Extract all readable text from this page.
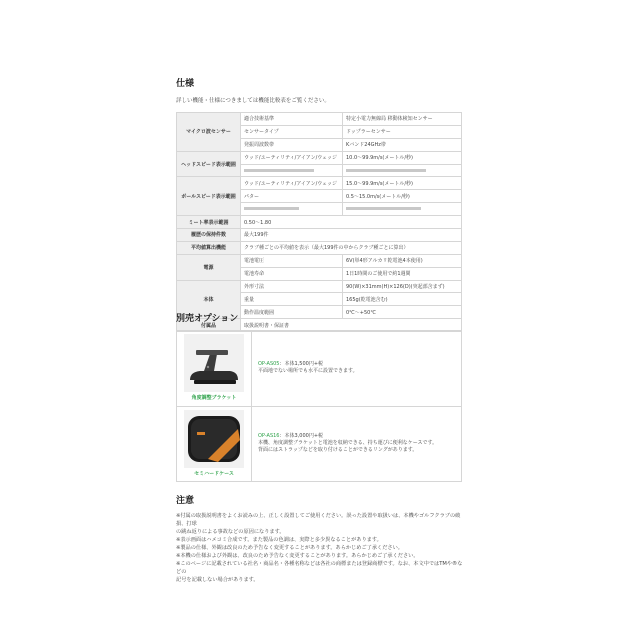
仕様
詳しい機能・仕様につきましては機能比較表をご覧ください。
マイクロ波センサー	適合技術基準	特定小電力無線局 移動体検知センサー
	センサータイプ	ドップラーセンサー
	発振周波数帯	Kバンド24GHz帯
ヘッドスピード表示範囲	ウッド/ユーティリティ/アイアン/ウェッジ	10.0〜99.9m/s(メートル/秒)

ボールスピード表示範囲	ウッド/ユーティリティ/アイアン/ウェッジ	15.0〜99.9m/s(メートル/秒)
	パター	0.5〜15.0m/s(メートル/秒)

ミート率表示範囲	0.50〜1.80	
履歴の保持件数	最大199件	
平均値算出機能	クラブ種ごとの平均値を表示（最大199件の中からクラブ種ごとに算出）	
電源	電池電圧	6V(単4形アルカリ乾電池4本使用)
	電池寿命	1日1時間のご使用で約1週間
本体	外形寸法	90(W)×31mm(H)×126(D)(突起部含まず)
	重量	165g(乾電池含む)
	動作温度範囲	0℃〜+50℃
付属品	取扱説明書・保証書	
別売オプション
角度調整ブラケット	OP-AS05：本体1,500円+税
平面地でない場所でも水平に設置できます。

セミハードケース	OP-AS16：本体3,000円+税
本機、角度調整ブラケットと電池を収納できる、持ち運びに便利なケースです。
背面にはストラップなどを取り付けることができるリングがあります。
注意

※付属の取扱説明書をよくお読みの上、正しく設置してご使用ください。誤った設置や取扱いは、本機やゴルフクラブの破損、打球

の跳ね返りによる事故などの原因になります。

※表示画面はハメコミ合成です。また製品の色調は、実際と多少異なることがあります。

※製品の仕様、外観は改良のため予告なく変更することがあります。あらかじめご了承ください。

※本機の仕様および外観は、改良のため予告なく変更することがあります。あらかじめご了承ください。

※このページに記載されている社名・商品名・各種名称などは各社の商標または登録商標です。なお、本文中ではTMや®などの

記号を記載しない場合があります。
